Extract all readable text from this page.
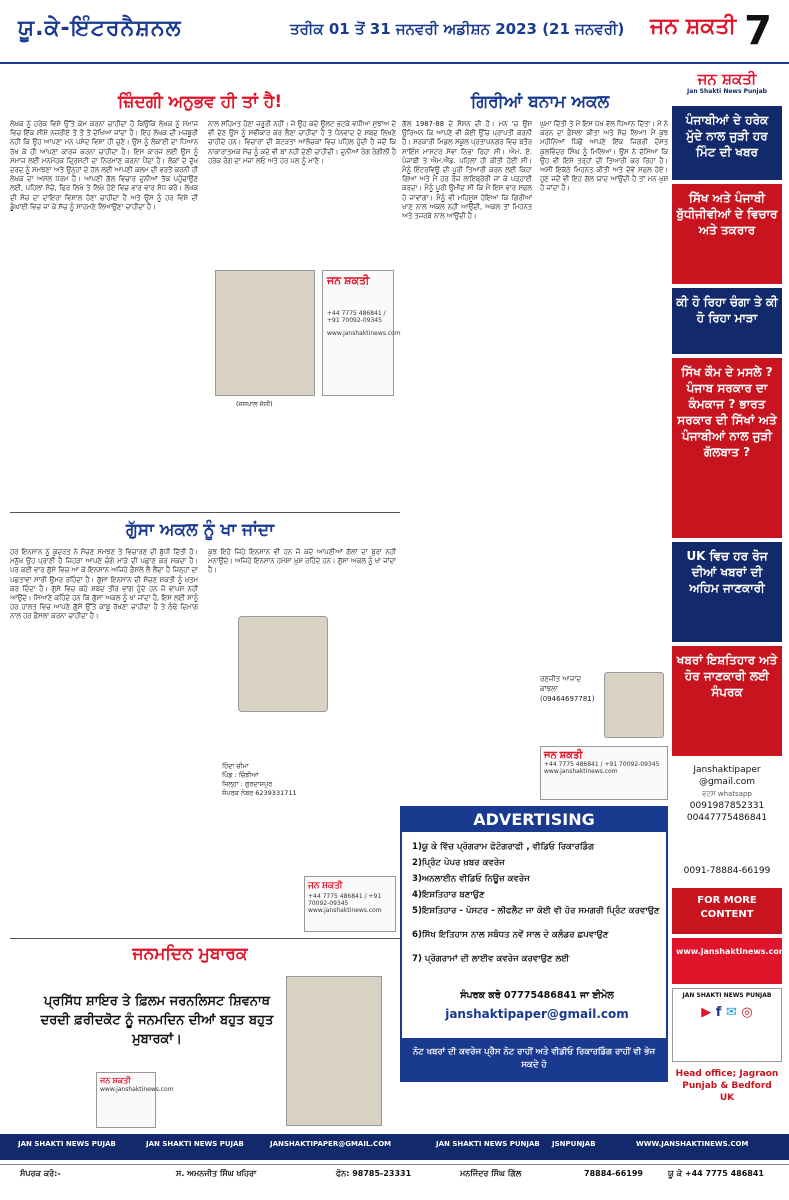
ਯੂ.ਕੇ-ਇੰਟਰਨੈਸ਼ਨਲ	ਤਰੀਕ 01 ਤੋਂ 31 ਜਨਵਰੀ ਅਡੀਸ਼ਨ 2023 (21 ਜਨਵਰੀ) ਜਨ ਸ਼ਕਤੀ 7
ਜ਼ਿੰਦਗੀ ਅਨੁਭਵ ਹੀ ਤਾਂ ਹੈ!
ਲੇਖਕ ਨੂੰ ਹਰੇਕ ਵਿਸ਼ੇ ਉੱਤੇ ਕੰਮ ਕਰਨਾ ਚਾਹੀਦਾ ਹੈ ਕਿਉਂਕਿ ਲੇਖਕ ਨੂੰ ਸਮਾਜ ਵਿਚ ਇੱਕ ਸ਼ੀਸ਼ੇ ਨਜ਼ਰੀਏ ਤੋਂ ਤੋਂ ਤੋਂ ਦੇਖਿਆ ਜਾਂਦਾ ਹੈ। ਇਹ ਲੇਖਕ ਦੀ ਮਜ਼ਬੂਰੀ ਨਹੀਂ ਕਿ ਉਹ ਆਪਣਾ ਮਨ ਪਸੰਦ ਵਿਸ਼ਾ ਹੀ ਚੁਣੇ। ਉਸ ਨੂੰ ਲੋਕਾਈ ਦਾ ਧਿਆਨ ਰੱਖ ਕੇ ਹੀ ਆਪਣਾ ਕਾਰਜ ਕਰਨਾ ਚਾਹੀਦਾ ਹੈ। ਇਸ ਕਾਰਜ ਲਈ ਉਸ ਨੂੰ ਸਮਾਜ ਲਈ ਮਨਮੋਹਕ ਦ੍ਰਿਸ਼ਟੀ ਦਾ ਨਿਰਮਾਣ ਕਰਨਾ ਪੈਂਦਾ ਹੈ। ਲੋਕਾਂ ਦੇ ਦੁੱਖ ਦਰਦ ਨੂੰ ਸਮਝਣਾ ਅਤੇ ਉਨ੍ਹਾਂ ਦੇ ਹੱਲ ਲਈ ਆਪਣੀ ਕਲਮ ਦੀ ਵਰਤੋਂ ਕਰਨੀ ਹੀ ਲੇਖਕ ਦਾ ਅਸਲ ਧਰਮ ਹੈ। ਆਪਣੀ ਗੱਲ ਵਿਚਾਰ ਦੁਨੀਆਂ ਤੱਕ ਪਹੁੰਚਾਉਣ ਲਈ, ਪਹਿਲਾਂ ਸੋਚੋ, ਫਿਰ ਲਿਖੋ ਤੇ ਲਿਖੇ ਹੋਏ ਵਿਚ ਵਾਰ ਵਾਰ ਸੋਧ ਕਰੋ। ਲੇਖਕ ਦੀ ਸੋਚ ਦਾ ਦਾਇਰਾ ਵਿਸ਼ਾਲ ਹੋਣਾ ਚਾਹੀਦਾ ਹੈ ਅਤੇ ਉਸ ਨੂੰ ਹਰ ਵਿਸ਼ੇ ਦੀ ਡੂੰਘਾਈ ਵਿਚ ਜਾ ਕੇ ਸੱਚ ਨੂੰ ਸਾਹਮਣੇ ਲਿਆਉਣਾ ਚਾਹੀਦਾ ਹੈ।
ਨਾਲ ਸਹਿਮਤ ਹੋਣਾ ਜ਼ਰੂਰੀ ਨਹੀਂ। ਜੇ ਉਹ ਕਦੇ ਉਲਟ ਭਟਕੇ ਵਧੀਆ ਸੁਝਾਅ ਦੇ ਵੀ ਦੇਣ ਉਸ ਨੂੰ ਸਵੀਕਾਰ ਕਰ ਲੈਣਾ ਚਾਹੀਦਾ ਹੈ ਤੇ ਧੰਨਵਾਦ ਦੇ ਸ਼ਬਦ ਲਿਖਣੇ ਚਾਹੀਦੇ ਹਨ। ਵਿਚਾਰਾਂ ਦੀ ਕੱਟੜਤਾ ਆਲੋਚਕਾਂ ਵਿਚ ਪਹਿਲ ਹੁੰਦੀ ਹੈ ਜਦੋਂ ਕਿ ਨਾਕਾਰਾਤਮਕ ਸੋਚ ਨੂੰ ਕਦੇ ਵੀ ਥਾਂ ਨਹੀਂ ਦੇਣੀ ਚਾਹੀਦੀ। ਦੁਨੀਆਂ ਰੰਗ ਰੰਗੀਲੀ ਹੈ ਹਰੇਕ ਰੰਗ ਦਾ ਮਜ਼ਾ ਲਓ ਅਤੇ ਹਰ ਪਲ ਨੂੰ ਮਾਣੋ।
(ਜਸਪਾਲ ਜੱਸੀ)
ਜਨ ਸ਼ਕਤੀ
+44 7775 486841 / +91 70092-09345
www.janshaktinews.com
ਗੁੱਸਾ ਅਕਲ ਨੂੰ ਖਾ ਜਾਂਦਾ
ਹਰ ਇਨਸਾਨ ਨੂੰ ਕੁਦਰਤ ਨੇ ਸੋਚਣ ਸਮਝਣ ਤੇ ਵਿਚਾਰਣ ਦੀ ਬੁੱਧੀ ਦਿੱਤੀ ਹੈ। ਮਨੁੱਖ ਉਹ ਪ੍ਰਾਣੀ ਹੈ ਜਿਹੜਾ ਆਪਣੇ ਚੰਗੇ ਮਾੜੇ ਦੀ ਪਛਾਣ ਕਰ ਸਕਦਾ ਹੈ। ਪਰ ਕਈ ਵਾਰ ਗੁੱਸੇ ਵਿਚ ਆ ਕੇ ਇਨਸਾਨ ਅਜਿਹੇ ਫ਼ੈਸਲੇ ਲੈ ਲੈਂਦਾ ਹੈ ਜਿਨ੍ਹਾਂ ਦਾ ਪਛਤਾਵਾ ਸਾਰੀ ਉਮਰ ਰਹਿੰਦਾ ਹੈ। ਗੁੱਸਾ ਇਨਸਾਨ ਦੀ ਸੋਚਣ ਸ਼ਕਤੀ ਨੂੰ ਖ਼ਤਮ ਕਰ ਦਿੰਦਾ ਹੈ। ਗੁੱਸੇ ਵਿਚ ਕਹੇ ਸ਼ਬਦ ਤੀਰ ਵਾਂਗ ਹੁੰਦੇ ਹਨ ਜੋ ਵਾਪਸ ਨਹੀਂ ਆਉਂਦੇ। ਸਿਆਣੇ ਕਹਿੰਦੇ ਹਨ ਕਿ ਗੁੱਸਾ ਅਕਲ ਨੂੰ ਖਾ ਜਾਂਦਾ ਹੈ, ਇਸ ਲਈ ਸਾਨੂੰ ਹਰ ਹਾਲਤ ਵਿਚ ਆਪਣੇ ਗੁੱਸੇ ਉੱਤੇ ਕਾਬੂ ਰੱਖਣਾ ਚਾਹੀਦਾ ਹੈ ਤੇ ਠੰਢੇ ਦਿਮਾਗ ਨਾਲ ਹਰ ਫ਼ੈਸਲਾ ਕਰਨਾ ਚਾਹੀਦਾ ਹੈ।
ਕੁਝ ਇਹੋ ਜਿਹੇ ਇਨਸਾਨ ਵੀ ਹਨ ਜੋ ਕਦੇ ਆਪਣੀਆਂ ਗੱਲਾਂ ਦਾ ਬੁਰਾ ਨਹੀਂ ਮਨਾਉਂਦੇ। ਅਜਿਹੇ ਇਨਸਾਨ ਹਮੇਸ਼ਾ ਖ਼ੁਸ਼ ਰਹਿੰਦੇ ਹਨ। ਗੁੱਸਾ ਅਕਲ ਨੂੰ ਖਾ ਜਾਂਦਾ ਹੈ।
ਹਿੰਦਾ ਚੀਮਾ
ਪਿੰਡ : ਚਿੰਝੀਆਂ
ਜ਼ਿਲ੍ਹਾ : ਗੁਰਦਾਸਪੁਰ
ਸੰਪਰਕ ਨੰਬਰ 6239331711
ਜਨ ਸ਼ਕਤੀ
+44 7775 486841 / +91 70092-09345
www.janshaktinews.com
ਜਨਮਦਿਨ ਮੁਬਾਰਕ
ਪ੍ਰਸਿੱਧ ਸ਼ਾਇਰ ਤੇ ਫ਼ਿਲਮ ਜਰਨਲਿਸਟ ਸ਼ਿਵਨਾਥ ਦਰਦੀ ਫ਼ਰੀਦਕੋਟ ਨੂੰ ਜਨਮਦਿਨ ਦੀਆਂ ਬਹੁਤ ਬਹੁਤ ਮੁਬਾਰਕਾਂ।
ਜਨ ਸ਼ਕਤੀ
www.janshaktinews.com
ਗਿਰੀਆਂ ਬਨਾਮ ਅਕਲ
ਗੱਲ 1987-88 ਦੇ ਸੈਸ਼ਨ ਦੀ ਹੈ। ਮਨ 'ਚ ਉਸ ਉਰਿਅਨ ਕਿ ਆਪਣੇ ਵੀ ਕੋਈ ਉੱਚ ਪ੍ਰਾਪਤੀ ਕਰਨੀ ਹੈ। ਸਰਕਾਰੀ ਮਿਡਲ ਸਕੂਲ ਪ੍ਰਤਾਪਨਗਰ ਵਿਚ ਬਤੌਰ ਸਾਇੰਸ ਮਾਸਟਰ ਸੇਵਾ ਨਿਭਾ ਰਿਹਾ ਸੀ। ਐਮ. ਏ. ਪੰਜਾਬੀ ਤੇ ਐਮ.ਐੱਡ. ਪਹਿਲਾਂ ਹੀ ਕੀਤੀ ਹੋਈ ਸੀ। ਮੈਨੂੰ ਇੰਟਰਵਿਊ ਦੀ ਪੂਰੀ ਤਿਆਰੀ ਕਰਨ ਲਈ ਕਿਹਾ ਗਿਆ ਅਤੇ ਮੈਂ ਹਰ ਰੋਜ਼ ਲਾਇਬ੍ਰੇਰੀ ਜਾ ਕੇ ਪੜ੍ਹਾਈ ਕਰਦਾ। ਮੈਨੂੰ ਪੂਰੀ ਉਮੀਦ ਸੀ ਕਿ ਮੈਂ ਇਸ ਵਾਰ ਸਫ਼ਲ ਹੋ ਜਾਵਾਂਗਾ। ਮੈਨੂੰ ਵੀ ਮਹਿਸੂਸ ਹੋਇਆ ਕਿ ਗਿਰੀਆਂ ਖਾਣ ਨਾਲ ਅਕਲ ਨਹੀਂ ਆਉਂਦੀ, ਅਕਲ ਤਾਂ ਮਿਹਨਤ ਅਤੇ ਤਜਰਬੇ ਨਾਲ ਆਉਂਦੀ ਹੈ।
ਘੁਮਾ ਦਿੱਤੀ ਤੇ ਮੈਂ ਇਸ ਪੱਖ ਵੱਲ ਧਿਆਨ ਦਿੱਤਾ। ਮੈਂ ਨੇ ਕਰਨ ਦਾ ਫ਼ੈਸਲਾ ਕੀਤਾ ਅਤੇ ਸੋਚ ਲਿਆ! ਮੈਂ ਕੁਝ ਮਹੀਨਿਆਂ ਪਿੱਛੋਂ ਆਪਣੇ ਇੱਕ ਜਿਗਰੀ ਦੋਸਤ ਕੁਲਵਿੰਦਰ ਸਿੰਘ ਨੂੰ ਮਿਲਿਆ। ਉਸ ਨੇ ਦੱਸਿਆ ਕਿ ਉਹ ਵੀ ਇਸੇ ਤਰ੍ਹਾਂ ਦੀ ਤਿਆਰੀ ਕਰ ਰਿਹਾ ਹੈ। ਅਸੀਂ ਇਕੱਠੇ ਮਿਹਨਤ ਕੀਤੀ ਅਤੇ ਦੋਵੇਂ ਸਫ਼ਲ ਹੋਏ। ਹੁਣ ਜਦੋਂ ਵੀ ਇਹ ਗੱਲ ਯਾਦ ਆਉਂਦੀ ਹੈ ਤਾਂ ਮਨ ਖ਼ੁਸ਼ ਹੋ ਜਾਂਦਾ ਹੈ।
ਰਣਜੀਤ ਆਜ਼ਾਦ ਕਾਂਝਲਾ
(09464697781)
ਜਨ ਸ਼ਕਤੀ
+44 7775 486841 / +91 70092-09345
www.janshaktinews.com
ADVERTISING
1)ਯੂ ਕੇ ਵਿੱਚ ਪ੍ਰੋਗਰਾਮ ਫੋਟੋਗਰਾਫੀ , ਵੀਡਿਓ ਰਿਕਾਰਡਿੰਗ
2)ਪ੍ਰਿੰਟ ਪੇਪਰ ਖ਼ਬਰ ਕਵਰੇਜ
3)ਅਨਲਾਈਨ ਵੀਡਿਓ ਨਿਊਜ਼ ਕਵਰੇਜ
4)ਇਸ਼ਤਿਹਾਰ ਬਣਾਉਣ
5)ਇਸ਼ਤਿਹਾਰ - ਪੋਸਟਰ - ਲੀਫਲੈਟ ਜਾ ਕੋਈ ਵੀ ਹੋਰ ਸਮਗਰੀ ਪ੍ਰਿੰਟ ਕਰਵਾਉਣ
6)ਸਿੱਖ ਇਤਿਹਾਸ ਨਾਲ ਸਬੰਧਤ ਨਵੇਂ ਸਾਲ ਦੇ ਕਲੰਡਰ ਛਪਵਾਉਣ
7) ਪ੍ਰੋਗਰਾਮਾਂ ਦੀ ਲਾਈਵ ਕਵਰੇਜ ਕਰਵਾਉਣ ਲਈ
ਸੰਪਰਕ ਕਰੋ 07775486841 ਜਾ ਈਮੇਲ
janshaktipaper@gmail.com
ਨੋਟ ਖਬਰਾਂ ਦੀ ਕਵਰੇਜ ਪ੍ਰੈਸ ਨੋਟ ਰਾਹੀਂ ਅਤੇ ਵੀਡੀਓ ਰਿਕਾਰਡਿੰਗ ਰਾਹੀਂ ਵੀ ਭੇਜ ਸਕਦੇ ਹੋ
ਜਨ ਸ਼ਕਤੀ
Jan Shakti News Punjab
ਪੰਜਾਬੀਆਂ ਦੇ ਹਰੇਕ ਮੁੱਦੇ ਨਾਲ ਜੁੜੀ ਹਰ ਮਿੰਟ ਦੀ ਖਬਰ
ਸਿੱਖ ਅਤੇ ਪੰਜਾਬੀ ਬੁੱਧੀਜੀਵੀਆਂ ਦੇ ਵਿਚਾਰ ਅਤੇ ਤਕਰਾਰ
ਕੀ ਹੋ ਰਿਹਾ ਚੰਗਾ ਤੇ ਕੀ ਹੋ ਰਿਹਾ ਮਾੜਾ
ਸਿੱਖ ਕੌਮ ਦੇ ਮਸਲੇ ? ਪੰਜਾਬ ਸਰਕਾਰ ਦਾ ਕੰਮਕਾਜ ? ਭਾਰਤ ਸਰਕਾਰ ਦੀ ਸਿੱਖਾਂ ਅਤੇ ਪੰਜਾਬੀਆਂ ਨਾਲ ਜੁੜੀ ਗੱਲਬਾਤ ?
UK ਵਿਚ ਹਰ ਰੋਜ ਦੀਆਂ ਖਬਰਾਂ ਦੀ ਅਹਿਮ ਜਾਣਕਾਰੀ
ਖਬਰਾਂ ਇਸ਼ਤਿਹਾਰ ਅਤੇ ਹੋਰ ਜਾਣਕਾਰੀ ਲਈ ਸੰਪਰਕ
Janshaktipaper @gmail.com
ਵਟਸ whatsapp
0091987852331
00447775486841
0091-78884-66199
FOR MORE CONTENT
www.janshaktinews.com
JAN SHAKTI NEWS PUNJAB
▶ f ✉ ◎
Head office; Jagraon Punjab & Bedford UK
JAN SHAKTI NEWS PUJAB	JAN SHAKTI NEWS PUJAB	JANSHAKTIPAPER@GMAIL.COM	JAN SHAKTI NEWS PUNJAB JSNPUNJAB	WWW.JANSHAKTINEWS.COM
ਸੰਪਰਕ ਕਰੋ:-	ਸ. ਅਮਨਜੀਤ ਸਿੰਘ ਖਹਿਰਾ	ਫੋਨ: 98785-23331	ਮਨਜਿੰਦਰ ਸਿੰਘ ਗਿੱਲ	78884-66199	ਯੂ ਕੇ +44 7775 486841
